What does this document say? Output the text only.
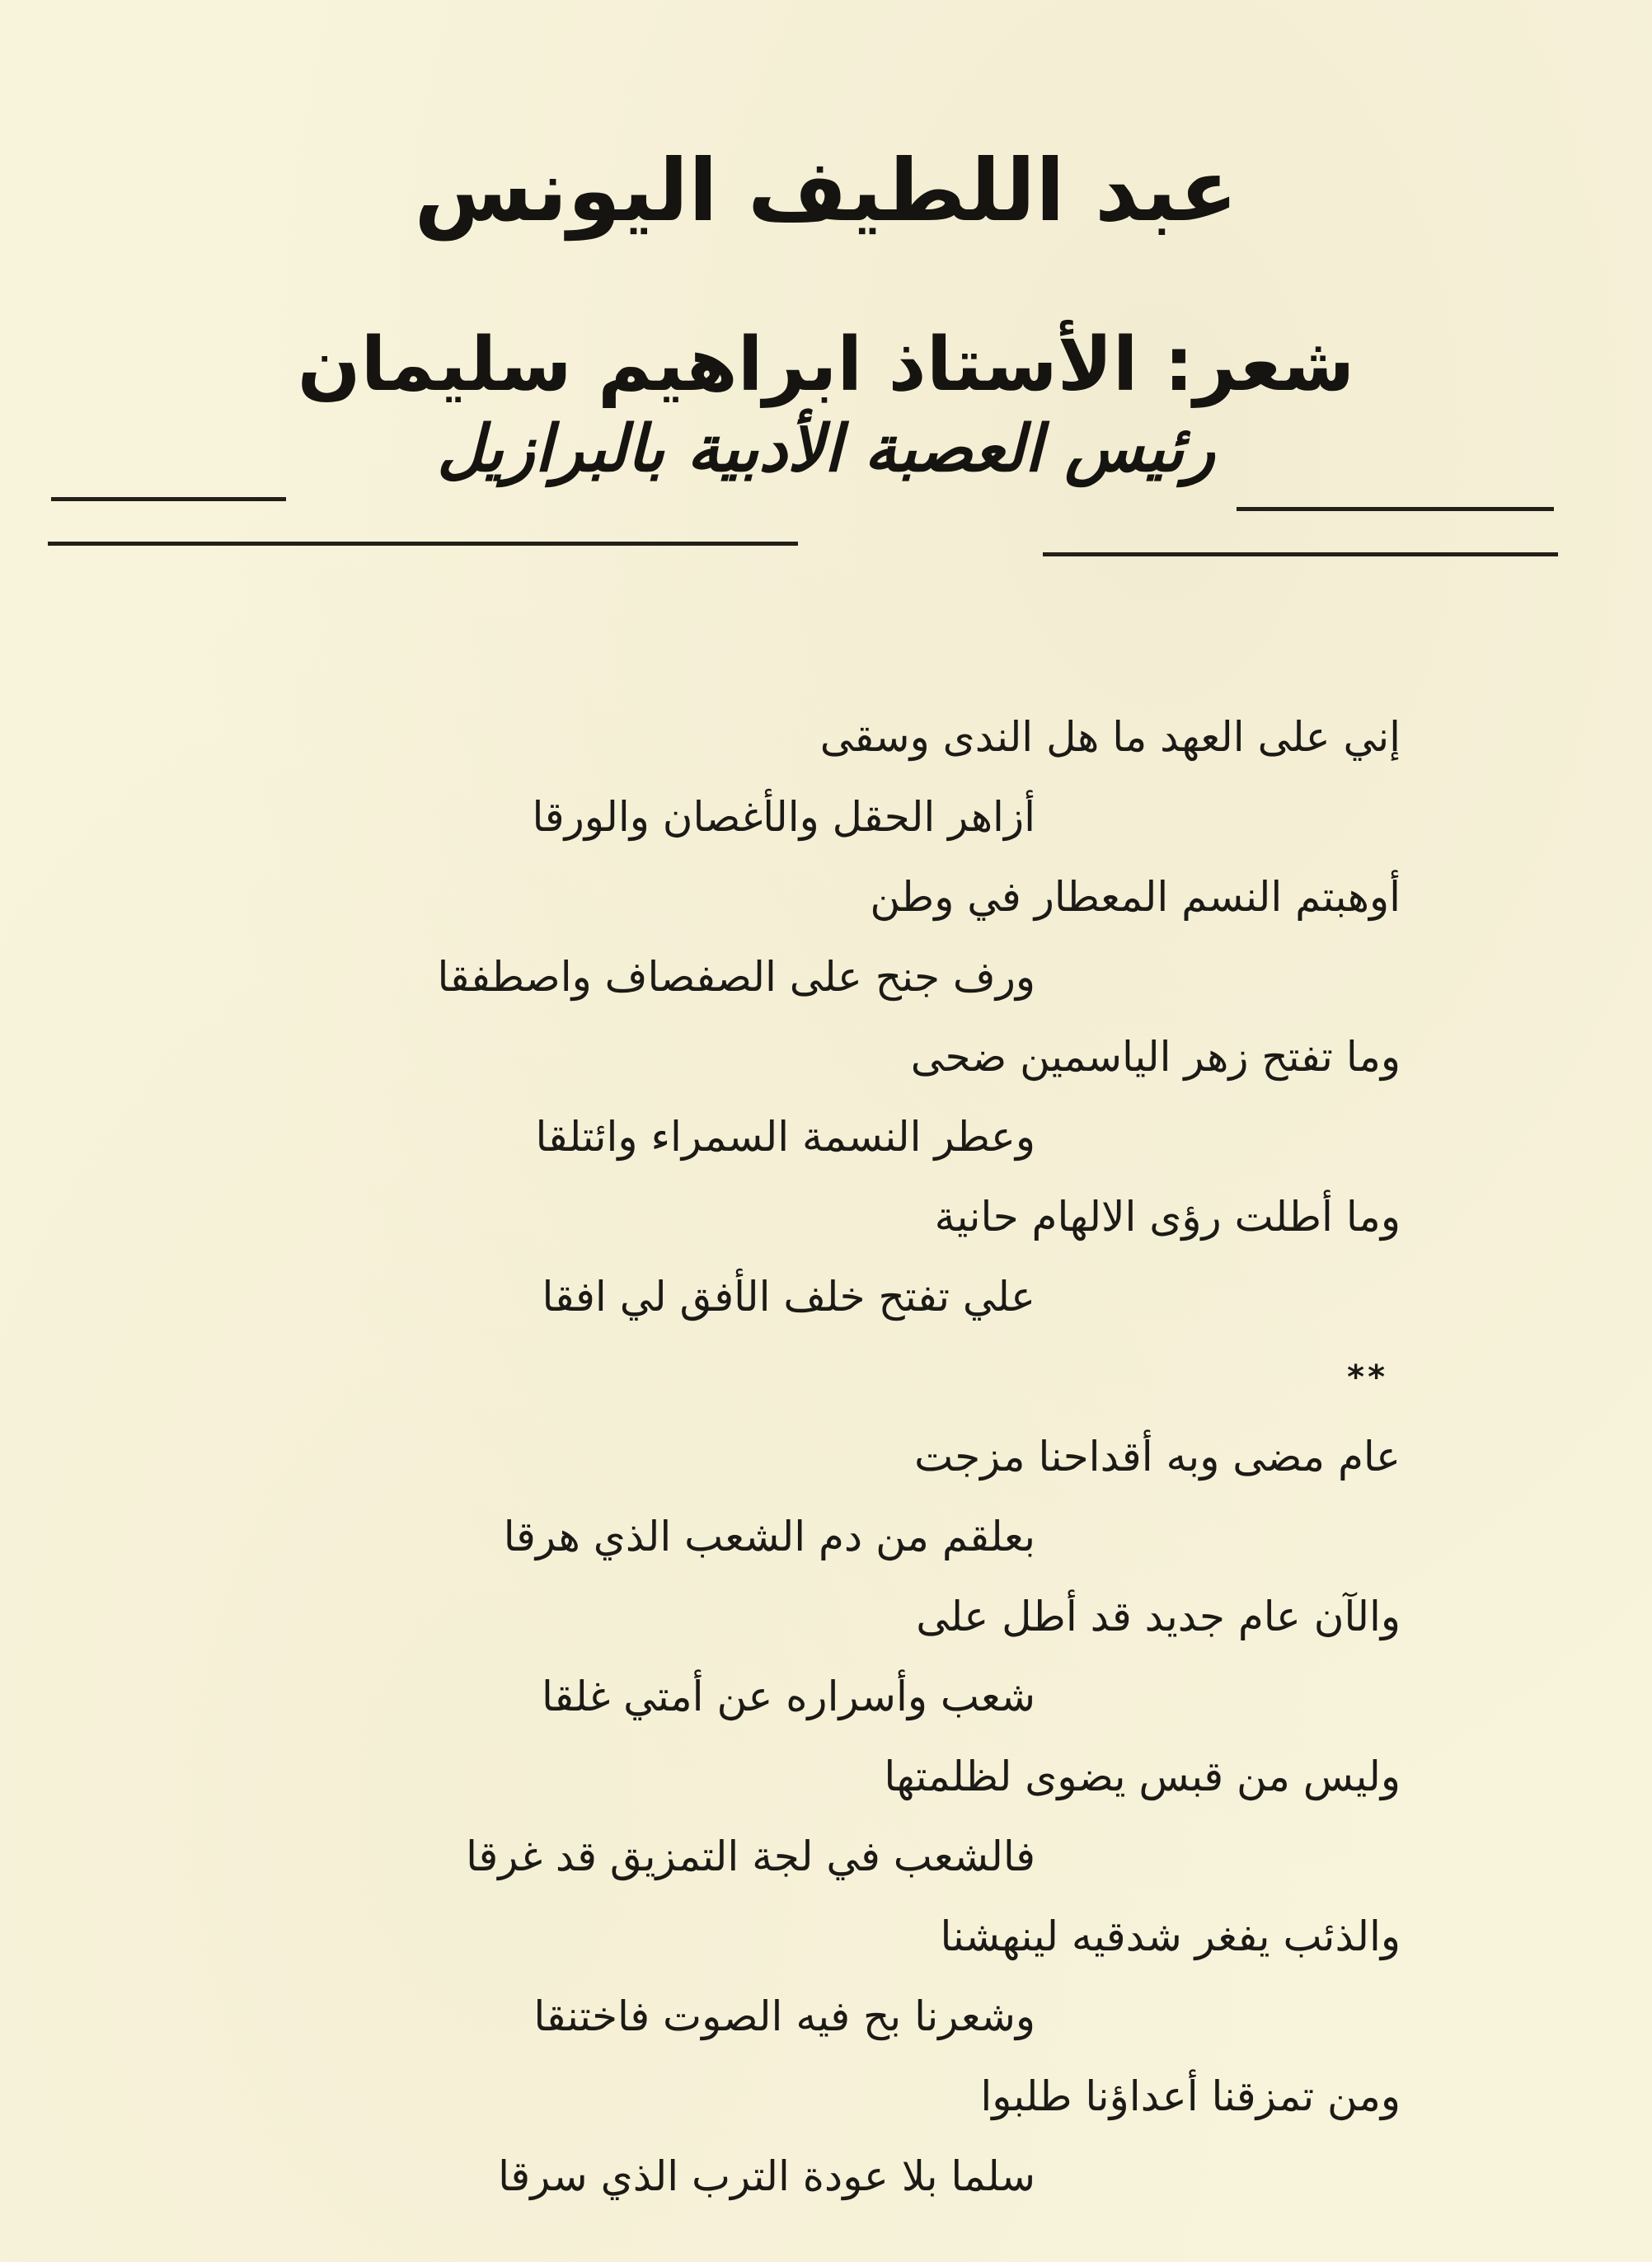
عبد اللطيف اليونس
شعر: الأستاذ ابراهيم سليمان
رئيس العصبة الأدبية بالبرازيل
إني على العهد ما هل الندى وسقى
أزاهر الحقل والأغصان والورقا
أوهبتم النسم المعطار في وطن
ورف جنح على الصفصاف واصطفقا
وما تفتح زهر الياسمين ضحى
وعطر النسمة السمراء وائتلقا
وما أطلت رؤى الالهام حانية
علي تفتح خلف الأفق لي افقا
**
عام مضى وبه أقداحنا مزجت
بعلقم من دم الشعب الذي هرقا
والآن عام جديد قد أطل على
شعب وأسراره عن أمتي غلقا
وليس من قبس يضوى لظلمتها
فالشعب في لجة التمزيق قد غرقا
والذئب يفغر شدقيه لينهشنا
وشعرنا بح فيه الصوت فاختنقا
ومن تمزقنا أعداؤنا طلبوا
سلما بلا عودة الترب الذي سرقا
